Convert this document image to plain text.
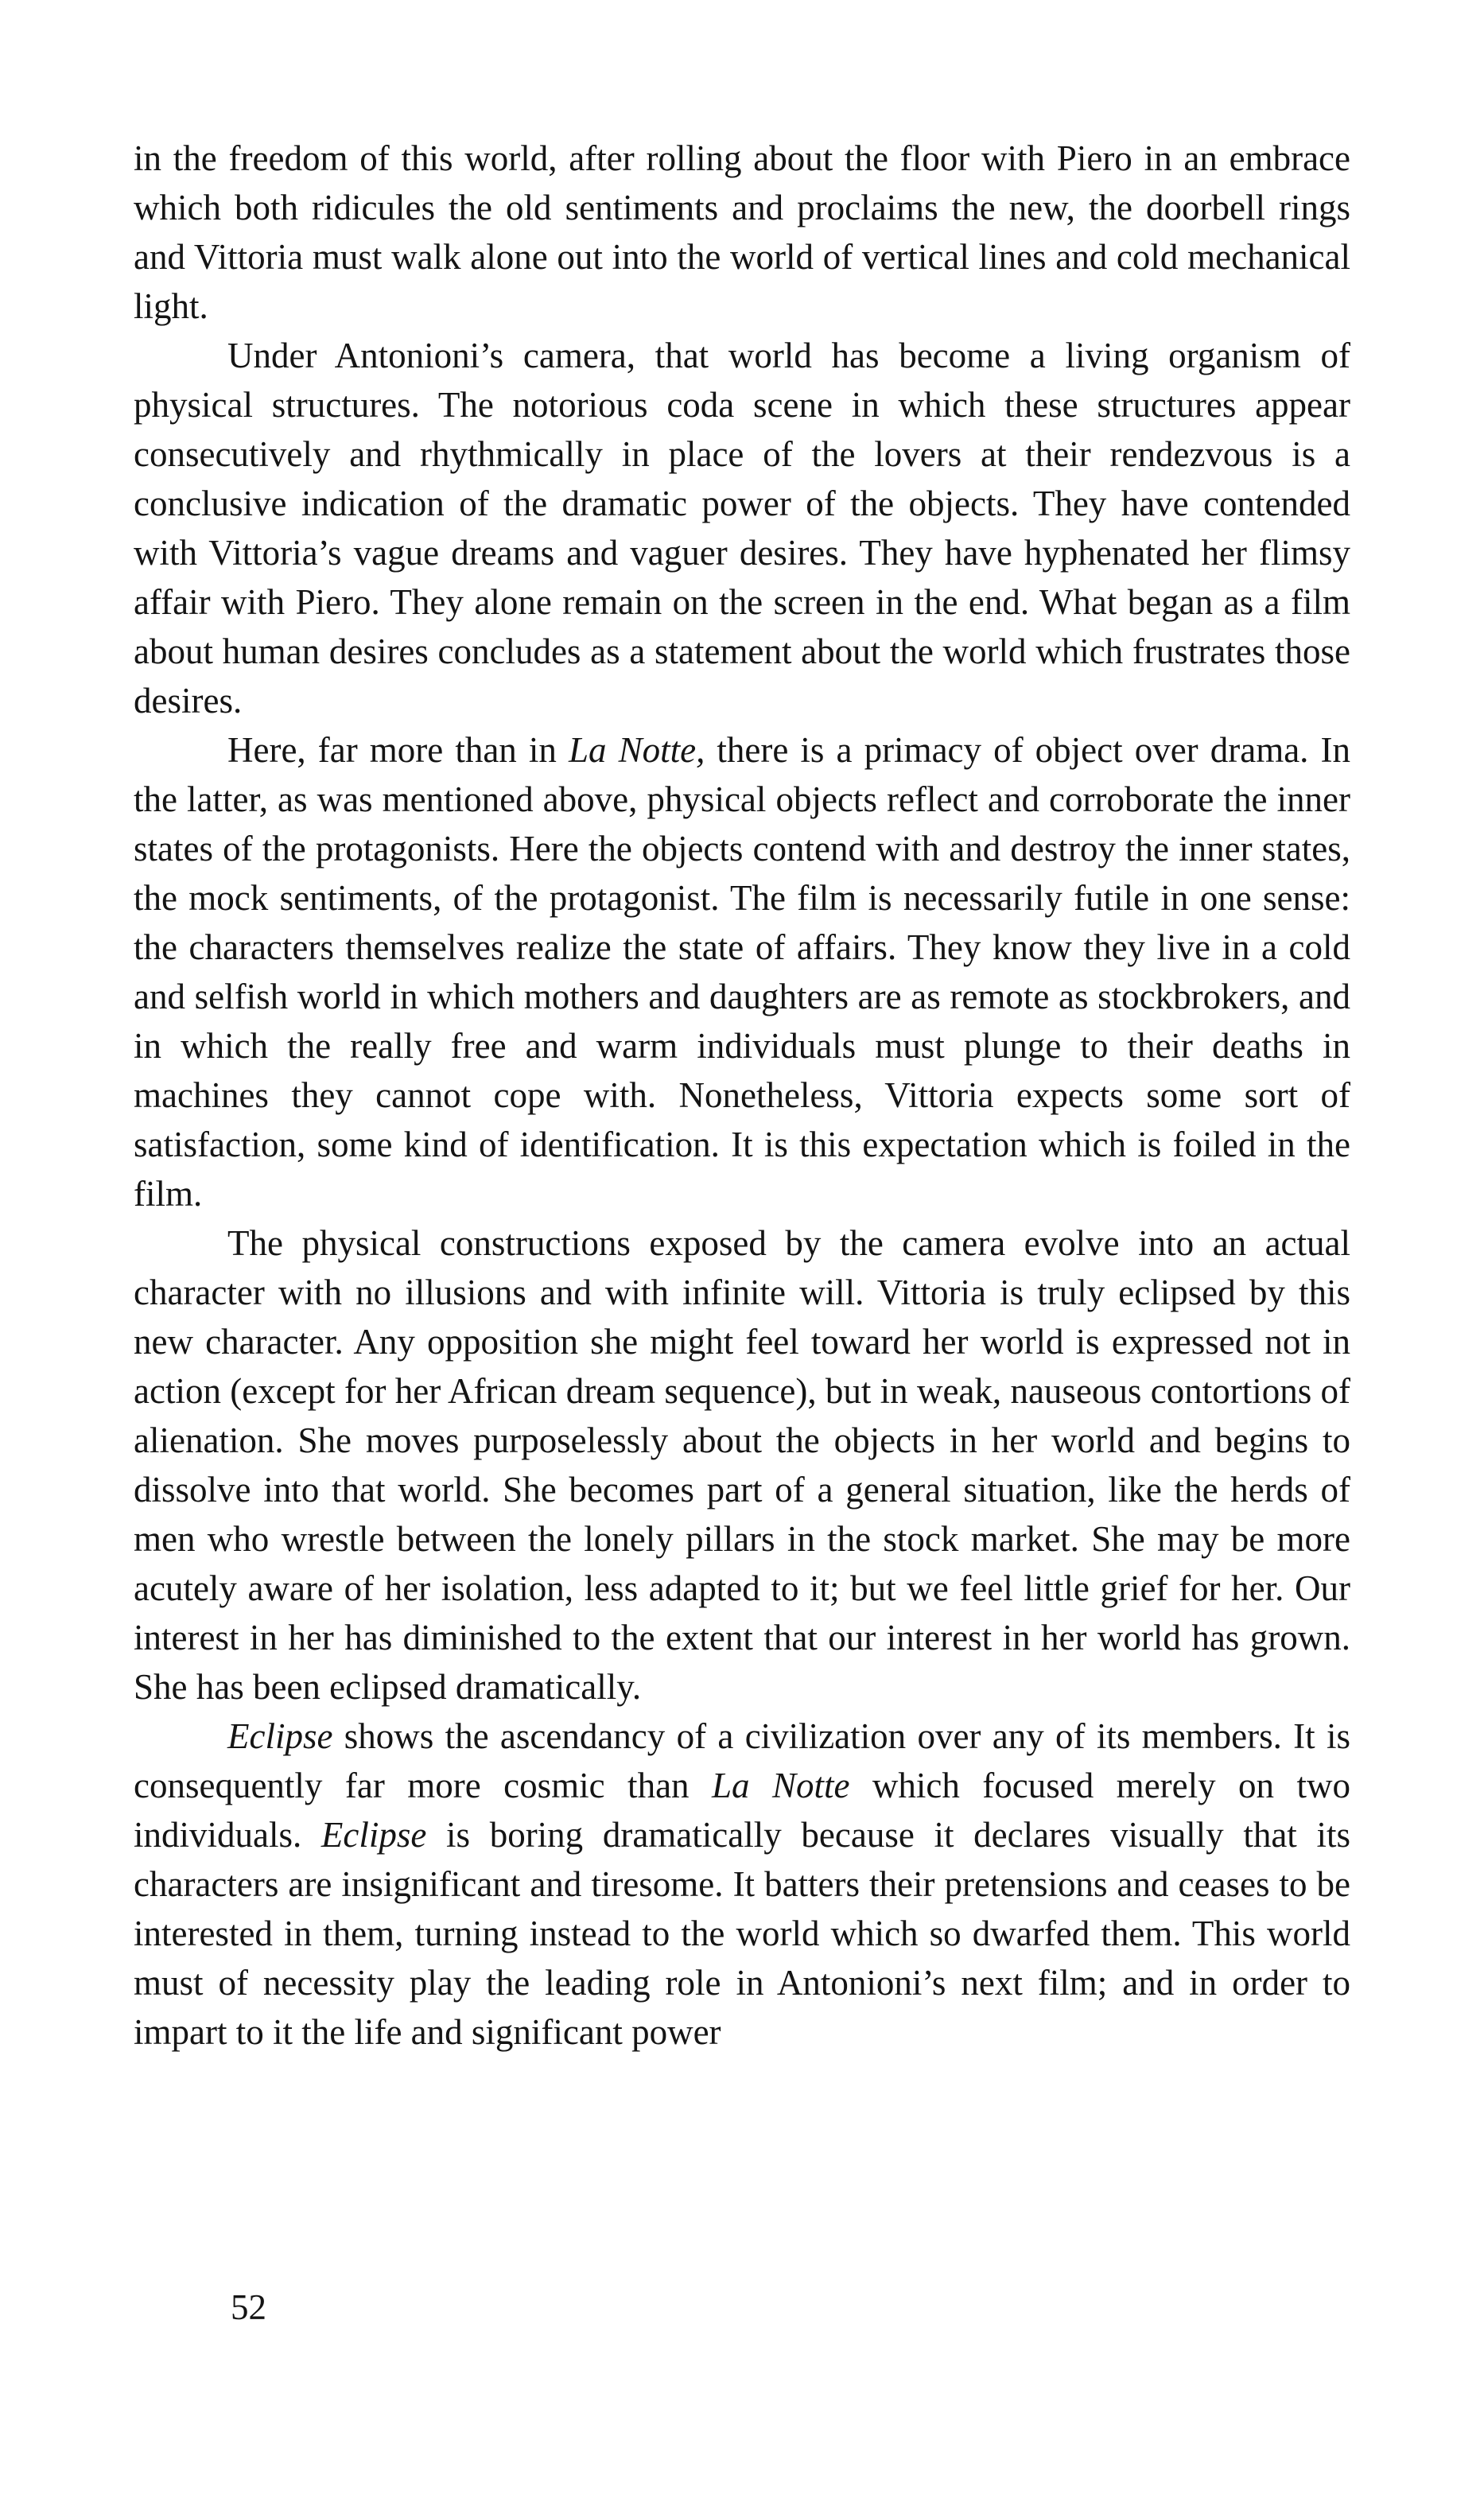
in the freedom of this world, after rolling about the floor with Piero in an embrace which both ridicules the old sentiments and proclaims the new, the doorbell rings and Vittoria must walk alone out into the world of vertical lines and cold mechanical light.

Under Antonioni’s camera, that world has become a living organism of physical structures. The notorious coda scene in which these structures appear consecutively and rhythmically in place of the lovers at their rendezvous is a conclusive indication of the dramatic power of the objects. They have contended with Vittoria’s vague dreams and vaguer desires. They have hyphenated her flimsy affair with Piero. They alone remain on the screen in the end. What began as a film about human desires concludes as a statement about the world which frustrates those desires.

Here, far more than in La Notte, there is a primacy of object over drama. In the latter, as was mentioned above, physical objects reflect and corroborate the inner states of the protagonists. Here the objects contend with and destroy the inner states, the mock sentiments, of the protagonist. The film is necessarily futile in one sense: the characters themselves realize the state of affairs. They know they live in a cold and selfish world in which mothers and daughters are as remote as stockbrokers, and in which the really free and warm individuals must plunge to their deaths in machines they cannot cope with. Nonetheless, Vittoria expects some sort of satisfaction, some kind of identification. It is this expectation which is foiled in the film.

The physical constructions exposed by the camera evolve into an actual character with no illusions and with infinite will. Vittoria is truly eclipsed by this new character. Any opposition she might feel toward her world is expressed not in action (except for her African dream sequence), but in weak, nauseous contortions of alienation. She moves purposelessly about the objects in her world and begins to dissolve into that world. She becomes part of a general situation, like the herds of men who wrestle between the lonely pillars in the stock market. She may be more acutely aware of her isolation, less adapted to it; but we feel little grief for her. Our interest in her has diminished to the extent that our interest in her world has grown. She has been eclipsed dramatically.

Eclipse shows the ascendancy of a civilization over any of its members. It is consequently far more cosmic than La Notte which focused merely on two individuals. Eclipse is boring dramatically because it declares visually that its characters are insignificant and tiresome. It batters their pretensions and ceases to be interested in them, turning instead to the world which so dwarfed them. This world must of necessity play the leading role in Antonioni’s next film; and in order to impart to it the life and significant power

52
